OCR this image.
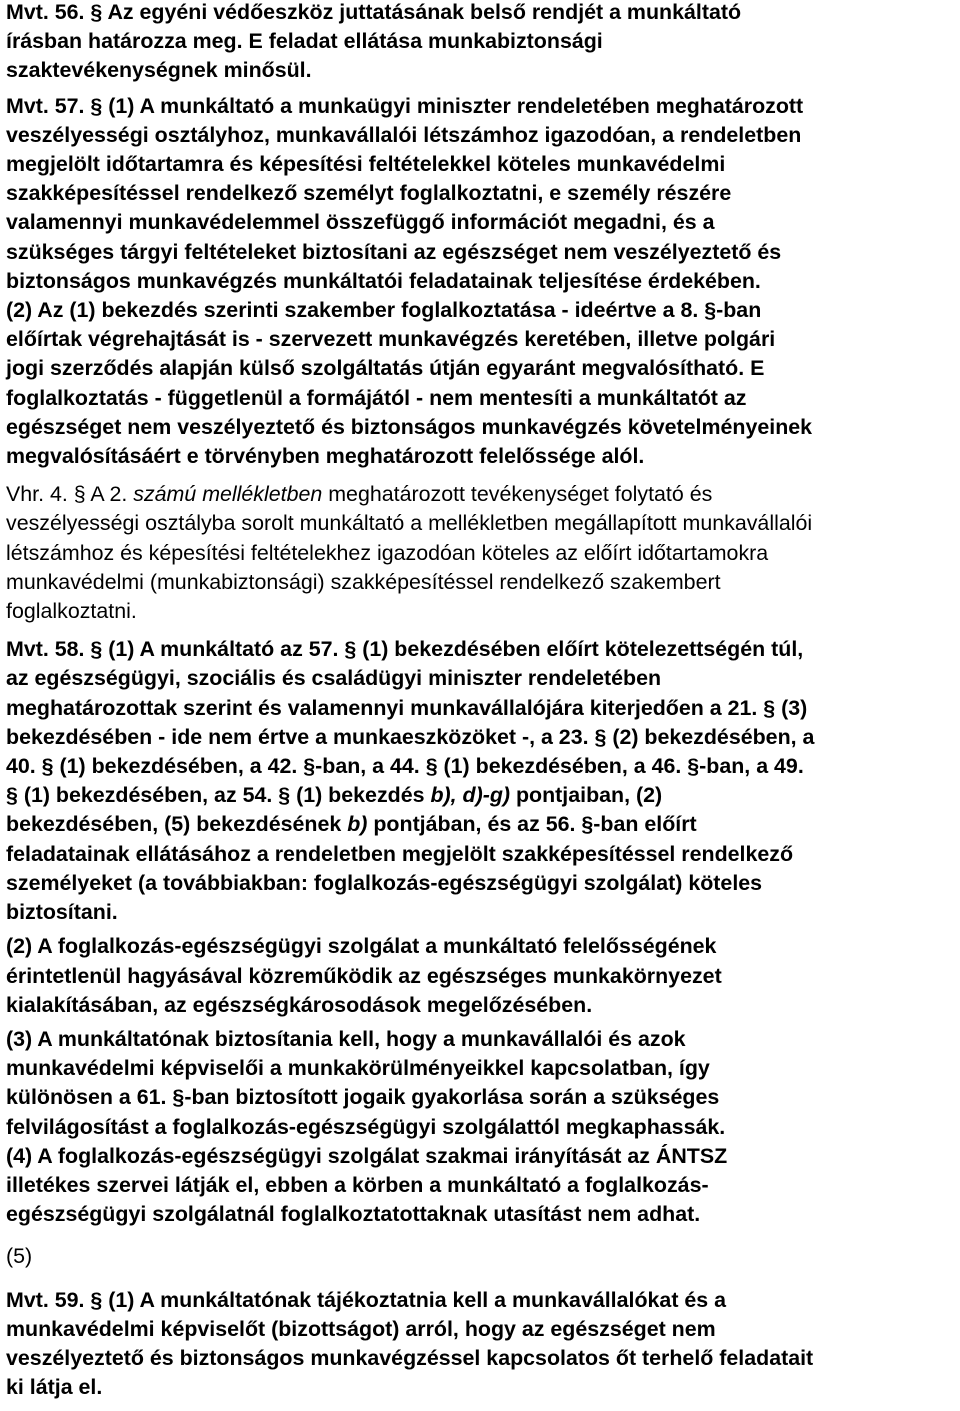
Mvt. 56. § Az egyéni védőeszköz juttatásának belső rendjét a munkáltató
írásban határozza meg. E feladat ellátása munkabiztonsági
szaktevékenységnek minősül.

Mvt. 57. § (1) A munkáltató a munkaügyi miniszter rendeletében meghatározott
veszélyességi osztályhoz, munkavállalói létszámhoz igazodóan, a rendeletben
megjelölt időtartamra és képesítési feltételekkel köteles munkavédelmi
szakképesítéssel rendelkező személyt foglalkoztatni, e személy részére
valamennyi munkavédelemmel összefüggő információt megadni, és a
szükséges tárgyi feltételeket biztosítani az egészséget nem veszélyeztető és
biztonságos munkavégzés munkáltatói feladatainak teljesítése érdekében.

(2) Az (1) bekezdés szerinti szakember foglalkoztatása - ideértve a 8. §-ban
előírtak végrehajtását is - szervezett munkavégzés keretében, illetve polgári
jogi szerződés alapján külső szolgáltatás útján egyaránt megvalósítható. E
foglalkoztatás - függetlenül a formájától - nem mentesíti a munkáltatót az
egészséget nem veszélyeztető és biztonságos munkavégzés követelményeinek
megvalósításáért e törvényben meghatározott felelőssége alól.

Vhr. 4. § A 2. számú mellékletben meghatározott tevékenységet folytató és
veszélyességi osztályba sorolt munkáltató a mellékletben megállapított munkavállalói
létszámhoz és képesítési feltételekhez igazodóan köteles az előírt időtartamokra
munkavédelmi (munkabiztonsági) szakképesítéssel rendelkező szakembert
foglalkoztatni.

Mvt. 58. § (1) A munkáltató az 57. § (1) bekezdésében előírt kötelezettségén túl,
az egészségügyi, szociális és családügyi miniszter rendeletében
meghatározottak szerint és valamennyi munkavállalójára kiterjedően a 21. § (3)
bekezdésében - ide nem értve a munkaeszközöket -, a 23. § (2) bekezdésében, a
40. § (1) bekezdésében, a 42. §-ban, a 44. § (1) bekezdésében, a 46. §-ban, a 49.
§ (1) bekezdésében, az 54. § (1) bekezdés b), d)-g) pontjaiban, (2)
bekezdésében, (5) bekezdésének b) pontjában, és az 56. §-ban előírt
feladatainak ellátásához a rendeletben megjelölt szakképesítéssel rendelkező
személyeket (a továbbiakban: foglalkozás-egészségügyi szolgálat) köteles
biztosítani.

(2) A foglalkozás-egészségügyi szolgálat a munkáltató felelősségének
érintetlenül hagyásával közreműködik az egészséges munkakörnyezet
kialakításában, az egészségkárosodások megelőzésében.

(3) A munkáltatónak biztosítania kell, hogy a munkavállalói és azok
munkavédelmi képviselői a munkakörülményeikkel kapcsolatban, így
különösen a 61. §-ban biztosított jogaik gyakorlása során a szükséges
felvilágosítást a foglalkozás-egészségügyi szolgálattól megkaphassák.

(4) A foglalkozás-egészségügyi szolgálat szakmai irányítását az ÁNTSZ
illetékes szervei látják el, ebben a körben a munkáltató a foglalkozás-
egészségügyi szolgálatnál foglalkoztatottaknak utasítást nem adhat.

(5)

Mvt. 59. § (1) A munkáltatónak tájékoztatnia kell a munkavállalókat és a
munkavédelmi képviselőt (bizottságot) arról, hogy az egészséget nem
veszélyeztető és biztonságos munkavégzéssel kapcsolatos őt terhelő feladatait
ki látja el.
